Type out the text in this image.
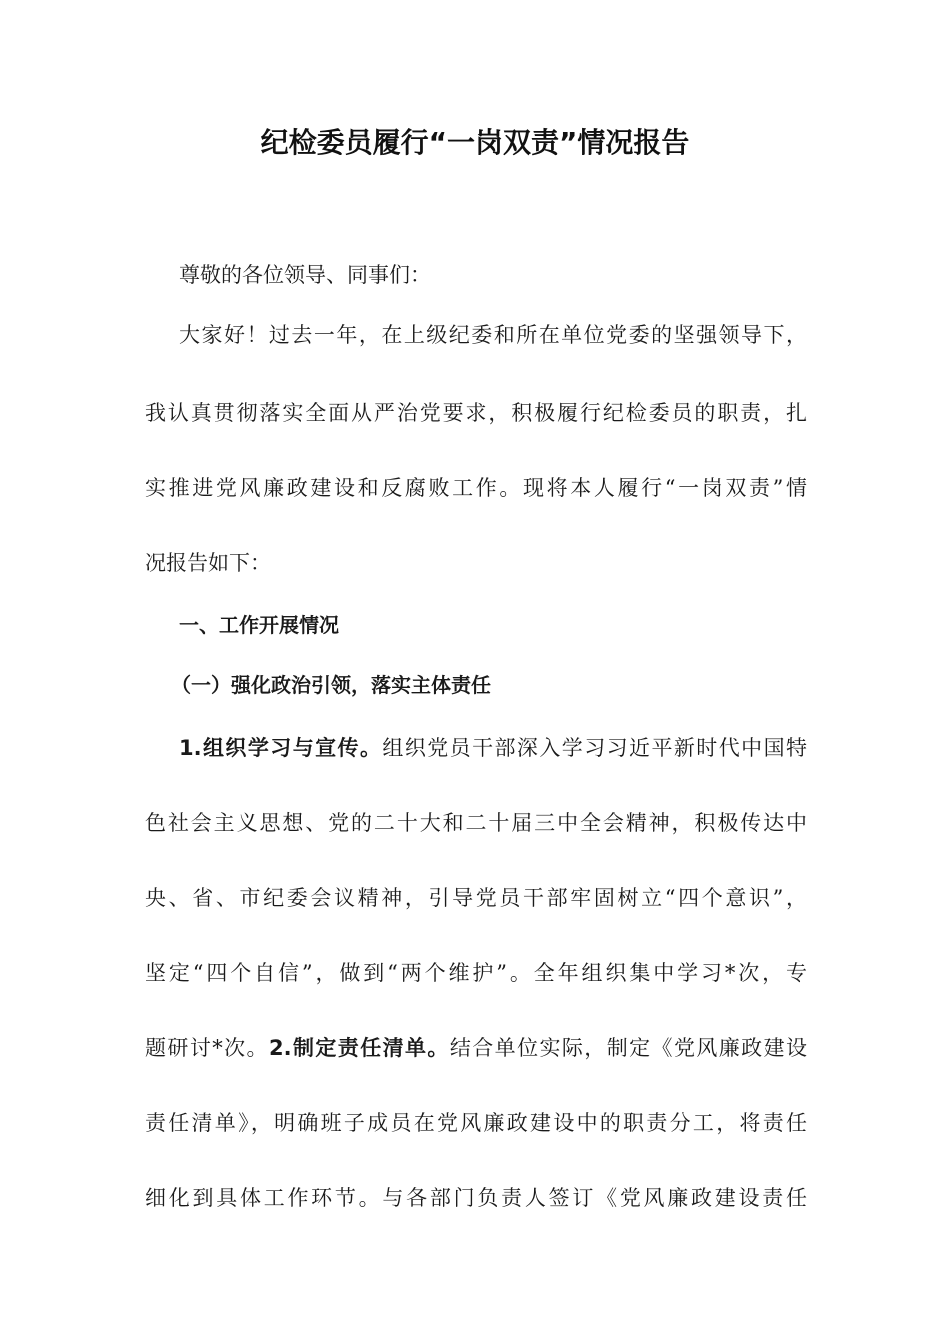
纪检委员履行“一岗双责”情况报告
尊敬的各位领导、同事们：
大家好！过去一年，在上级纪委和所在单位党委的坚强领导下，
我认真贯彻落实全面从严治党要求，积极履行纪检委员的职责，扎
实推进党风廉政建设和反腐败工作。现将本人履行“一岗双责”情
况报告如下：
一、工作开展情况
（一）强化政治引领，落实主体责任
1.组织学习与宣传。组织党员干部深入学习习近平新时代中国特
色社会主义思想、党的二十大和二十届三中全会精神，积极传达中
央、省、市纪委会议精神，引导党员干部牢固树立“四个意识”，
坚定“四个自信”，做到“两个维护”。全年组织集中学习*次，专
题研讨*次。2.制定责任清单。结合单位实际，制定《党风廉政建设
责任清单》，明确班子成员在党风廉政建设中的职责分工，将责任
细化到具体工作环节。与各部门负责人签订《党风廉政建设责任
